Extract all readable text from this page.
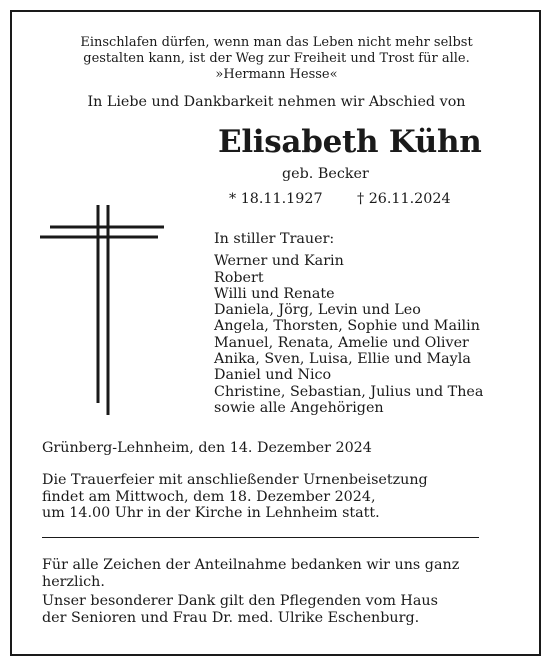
Einschlafen dürfen, wenn man das Leben nicht mehr selbst
gestalten kann, ist der Weg zur Freiheit und Trost für alle.
»Hermann Hesse«
In Liebe und Dankbarkeit nehmen wir Abschied von
Elisabeth Kühn
geb. Becker
* 18.11.1927 † 26.11.2024
In stiller Trauer:
Werner und Karin
Robert
Willi und Renate
Daniela, Jörg, Levin und Leo
Angela, Thorsten, Sophie und Mailin
Manuel, Renata, Amelie und Oliver
Anika, Sven, Luisa, Ellie und Mayla
Daniel und Nico
Christine, Sebastian, Julius und Thea
sowie alle Angehörigen
Grünberg-Lehnheim, den 14. Dezember 2024
Die Trauerfeier mit anschließender Urnenbeisetzung
findet am Mittwoch, dem 18. Dezember 2024,
um 14.00 Uhr in der Kirche in Lehnheim statt.
Für alle Zeichen der Anteilnahme bedanken wir uns ganz
herzlich.
Unser besonderer Dank gilt den Pflegenden vom Haus
der Senioren und Frau Dr. med. Ulrike Eschenburg.
